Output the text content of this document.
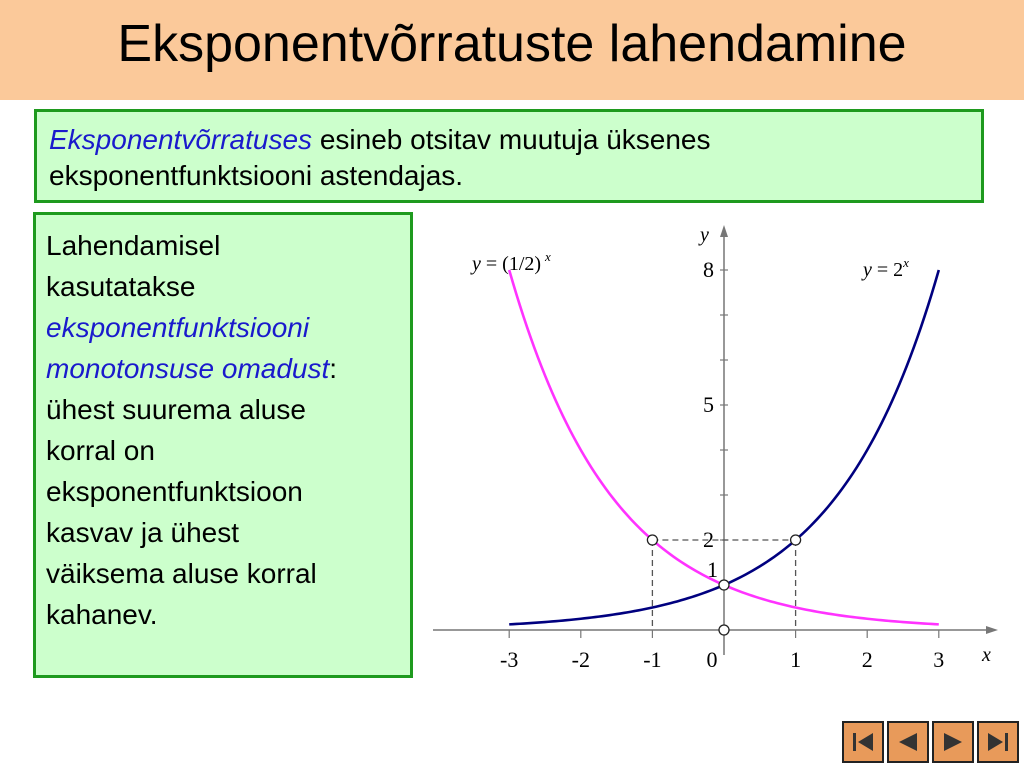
Eksponentvõrratuste lahendamine
Eksponentvõrratuses esineb otsitav muutuja üksenes
eksponentfunktsiooni astendajas.
Lahendamisel
kasutatakse
eksponentfunktsiooni
monotonsuse omadust:
ühest suurema aluse
korral on
eksponentfunktsioon
kasvav ja ühest
väiksema aluse korral
kahanev.
x
y
-3 -2 -1 0	1	2	3
2
5
8
1
$y = 2^x$
y = (1/2) $^x$
